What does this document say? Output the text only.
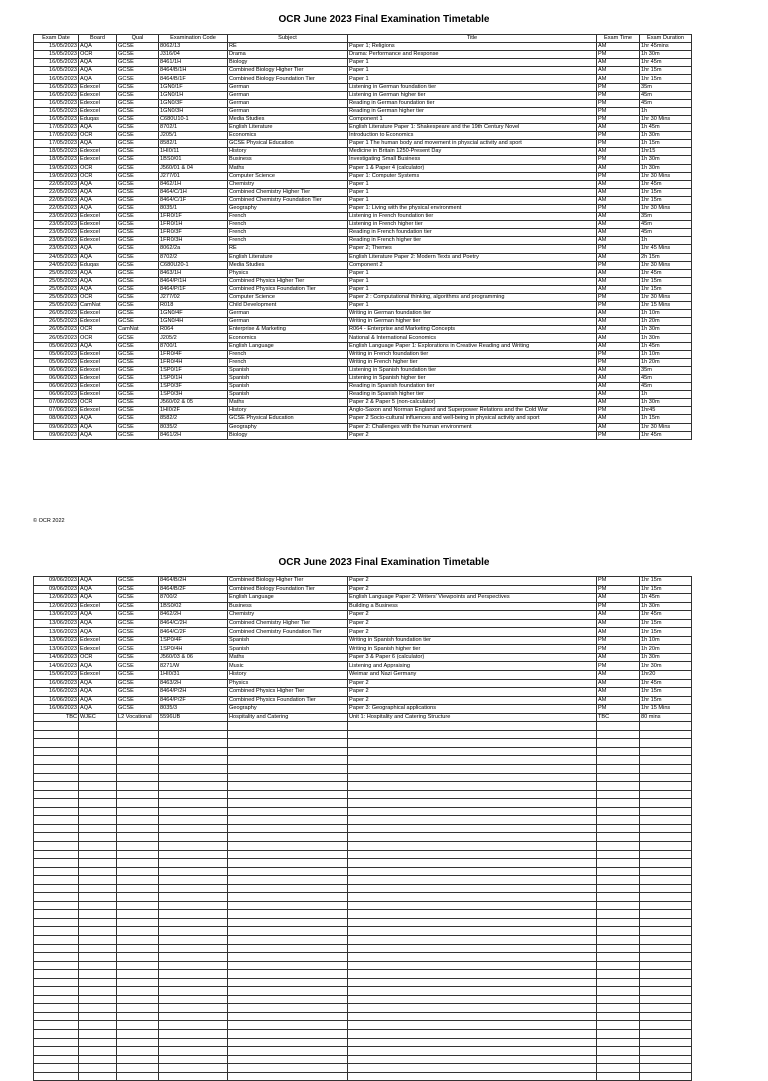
OCR June 2023 Final Examination Timetable
Exam Date	Board	Qual	Examination Code	Subject	Title	Exam Time	Exam Duration
15/05/2023	AQA	GCSE	8062/13	RE	Paper 1; Religions	AM	1hr 45mins
15/05/2023	OCR	GCSE	J316/04	Drama	Drama: Performance and Response	PM	1h 30m
16/05/2023	AQA	GCSE	8461/1H	Biology	Paper 1	AM	1hr 45m
16/05/2023	AQA	GCSE	8464/B/1H	Combined Biology Higher Tier	Paper 1	AM	1hr 15m
16/05/2023	AQA	GCSE	8464/B/1F	Combined Biology Foundation Tier	Paper 1	AM	1hr 15m
16/05/2023	Edexcel	GCSE	1GN0/1F	German	Listening in German foundation tier	PM	35m
16/05/2023	Edexcel	GCSE	1GN0/1H	German	Listening in German higher tier	PM	45m
16/05/2023	Edexcel	GCSE	1GN0/3F	German	Reading in German foundation tier	PM	45m
16/05/2023	Edexcel	GCSE	1GN0/3H	German	Reading in German higher tier	PM	1h
16/05/2023	Eduqas	GCSE	C680U10-1	Media Studies	Component 1	PM	1hr 30 Mins
17/05/2023	AQA	GCSE	8702/1	English Literature	English Literature Paper 1: Shakespeare and the 19th Century Novel	AM	1h 45m
17/05/2023	OCR	GCSE	J205/1	Economics	Introduction to Economics	PM	1h 30m
17/05/2023	AQA	GCSE	8582/1	GCSE Physical Education	Paper 1 The human body and movement in physcial activity and sport	PM	1h 15m
18/05/2023	Edexcel	GCSE	1HI0/11	History	Medicine in Britain 1250-Present Day	AM	1hr15
18/05/2023	Edexcel	GCSE	1BS0/01	Business	Investigating Small Business	PM	1h 30m
19/05/2023	OCR	GCSE	J560/01 & 04	Maths	Paper 1 & Paper 4 (calculator)	AM	1h 30m
19/05/2023	OCR	GCSE	J277/01	Computer Science	Paper 1: Computer Systems	PM	1hr 30 Mins
22/05/2023	AQA	GCSE	8462/1H	Chemistry	Paper 1	AM	1hr 45m
22/05/2023	AQA	GCSE	8464/C/1H	Combined Chemistry Higher Tier	Paper 1	AM	1hr 15m
22/05/2023	AQA	GCSE	8464/C/1F	Combined Chemistry Foundation Tier	Paper 1	AM	1hr 15m
22/05/2023	AQA	GCSE	8035/1	Geography	Paper 1: Living with the physical environment	PM	1hr 30 Mins
23/05/2023	Edexcel	GCSE	1FR0/1F	French	Listening in French foundation tier	AM	35m
23/05/2023	Edexcel	GCSE	1FR0/1H	French	Listening in French higher tier	AM	45m
23/05/2023	Edexcel	GCSE	1FR0/3F	French	Reading in French foundation tier	AM	45m
23/05/2023	Edexcel	GCSE	1FR0/3H	French	Reading in French higher tier	AM	1h
23/05/2023	AQA	GCSE	8062/2a	RE	Paper 2; Themes	PM	1hr 45 Mins
24/05/2023	AQA	GCSE	8702/2	English Literature	English Literature Paper 2: Modern Texts and Poetry	AM	2h 15m
24/05/2023	Eduqas	GCSE	C680U20-1	Media Studies	Component 2	PM	1hr 30 Mins
25/05/2023	AQA	GCSE	8463/1H	Physics	Paper 1	AM	1hr 45m
25/05/2023	AQA	GCSE	8464/P/1H	Combined Physics Higher Tier	Paper 1	AM	1hr 15m
25/05/2023	AQA	GCSE	8464/P/1F	Combined Physics Foundation Tier	Paper 1	AM	1hr 15m
25/05/2023	OCR	GCSE	J277/02	Computer Science	Paper 2 : Computational thinking, algorithms and programming	PM	1hr 30 Mins
25/05/2023	CamNat	GCSE	R018	Child Development	Paper 1	PM	1hr 15 Mins
26/05/2023	Edexcel	GCSE	1GN0/4F	German	Writing in German foundation tier	AM	1h 10m
26/05/2023	Edexcel	GCSE	1GN0/4H	German	Writing in German higher tier	AM	1h 20m
26/05/2023	OCR	CamNat	R064	Enterprise & Marketing	R064 - Enterprise and Marketing Concepts	AM	1h 30m
26/05/2023	OCR	GCSE	J205/2	Economics	National & International Economics	AM	1h 30m
05/06/2023	AQA	GCSE	8700/1	English Language	English Language Paper 1: Explorations in Creative Reading and Writing	AM	1h 45m
05/06/2023	Edexcel	GCSE	1FR0/4F	French	Writing in French foundation tier	PM	1h 10m
05/06/2023	Edexcel	GCSE	1FR0/4H	French	Writing in French higher tier	PM	1h 20m
06/06/2023	Edexcel	GCSE	1SP0/1F	Spanish	Listening in Spanish foundation tier	AM	35m
06/06/2023	Edexcel	GCSE	1SP0/1H	Spanish	Listening in Spanish higher tier	AM	45m
06/06/2023	Edexcel	GCSE	1SP0/3F	Spanish	Reading in Spanish foundation tier	AM	45m
06/06/2023	Edexcel	GCSE	1SP0/3H	Spanish	Reading in Spanish higher tier	AM	1h
07/06/2023	OCR	GCSE	J560/02 & 05	Maths	Paper 2 & Paper 5 (non-calculator)	AM	1h 30m
07/06/2023	Edexcel	GCSE	1HI0/2F	History	Anglo-Saxon and Norman England and Superpower Relations and the Cold War	PM	1hr45
08/06/2023	AQA	GCSE	8582/2	GCSE Physical Education	Paper 2 Socio-cultural influences and well-being in physical activity and sport	AM	1h 15m
09/06/2023	AQA	GCSE	8035/2	Geography	Paper 2: Challenges with the human environment	AM	1hr 30 Mins
09/06/2023	AQA	GCSE	8461/2H	Biology	Paper 2	PM	1hr 45m
© OCR 2022
OCR June 2023 Final Examination Timetable
09/06/2023	AQA	GCSE	8464/B/2H	Combined Biology Higher Tier	Paper 2	PM	1hr 15m
09/06/2023	AQA	GCSE	8464/B/2F	Combined Biology Foundation Tier	Paper 2	PM	1hr 15m
12/06/2023	AQA	GCSE	8700/2	English Language	English Language Paper 2: Writers' Viewpoints and Perspectives	AM	1h 45m
12/06/2023	Edexcel	GCSE	1BS0/02	Business	Building a Business	PM	1h 30m
13/06/2023	AQA	GCSE	8462/2H	Chemistry	Paper 2	AM	1hr 45m
13/06/2023	AQA	GCSE	8464/C/2H	Combined Chemistry Higher Tier	Paper 2	AM	1hr 15m
13/06/2023	AQA	GCSE	8464/C/2F	Combined Chemistry Foundation Tier	Paper 2	AM	1hr 15m
13/06/2023	Edexcel	GCSE	1SP0/4F	Spanish	Writing in Spanish foundation tier	PM	1h 10m
13/06/2023	Edexcel	GCSE	1SP0/4H	Spanish	Writing in Spanish higher tier	PM	1h 20m
14/06/2023	OCR	GCSE	J560/03 & 06	Maths	Paper 3 & Paper 6 (calculator)	AM	1h 30m
14/06/2023	AQA	GCSE	8271/W	Music	Listening and Appraising	PM	1hr 30m
15/06/2023	Edexcel	GCSE	1HI0/31	History	Weimar and Nazi Germany	AM	1hr20
16/06/2023	AQA	GCSE	8463/2H	Physics	Paper 2	AM	1hr 45m
16/06/2023	AQA	GCSE	8464/P/2H	Combined Physics Higher Tier	Paper 2	AM	1hr 15m
16/06/2023	AQA	GCSE	8464/P/2F	Combined Physics Foundation Tier	Paper 2	AM	1hr 15m
16/06/2023	AQA	GCSE	8035/3	Geography	Paper 3: Geographical applications	PM	1hr 15 Mins
TBC	WJEC	L2 Vocational	5596UB	Hospitality and Catering	Unit 1: Hospitality and Catering Structure	TBC	80 mins
